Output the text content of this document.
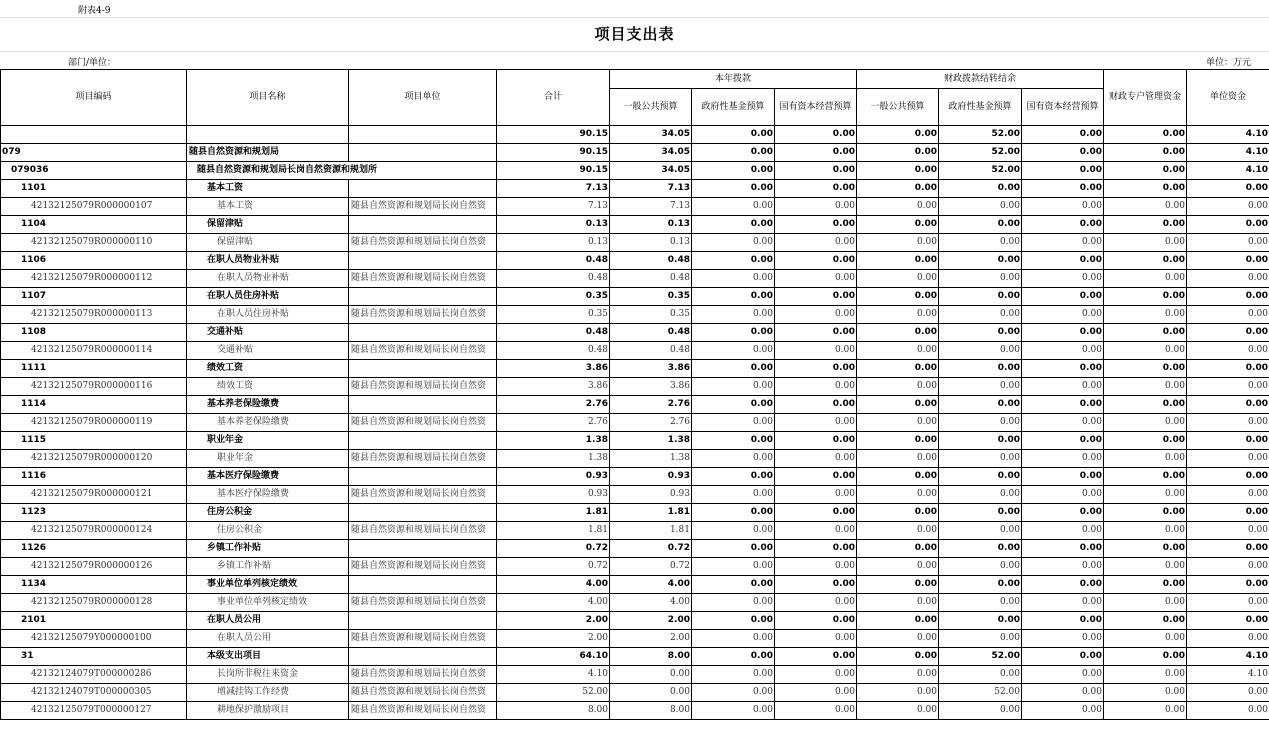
附表4-9
项目支出表
部门/单位：	单位：万元
项目编码	项目名称	项目单位	合计	本年拨款			财政拨款结转结余			财政专户管理资金	单位资金
				一般公共预算	政府性基金预算	国有资本经营预算	一般公共预算	政府性基金预算	国有资本经营预算		
			90.15	34.05	0.00	0.00	0.00	52.00	0.00	0.00	4.10
079	随县自然资源和规划局		90.15	34.05	0.00	0.00	0.00	52.00	0.00	0.00	4.10
079036	随县自然资源和规划局长岗自然资源和规划所		90.15	34.05	0.00	0.00	0.00	52.00	0.00	0.00	4.10
1101	基本工资		7.13	7.13	0.00	0.00	0.00	0.00	0.00	0.00	0.00
42132125079R000000107	基本工资	随县自然资源和规划局长岗自然资	7.13	7.13	0.00	0.00	0.00	0.00	0.00	0.00	0.00
1104	保留津贴		0.13	0.13	0.00	0.00	0.00	0.00	0.00	0.00	0.00
42132125079R000000110	保留津贴	随县自然资源和规划局长岗自然资	0.13	0.13	0.00	0.00	0.00	0.00	0.00	0.00	0.00
1106	在职人员物业补贴		0.48	0.48	0.00	0.00	0.00	0.00	0.00	0.00	0.00
42132125079R000000112	在职人员物业补贴	随县自然资源和规划局长岗自然资	0.48	0.48	0.00	0.00	0.00	0.00	0.00	0.00	0.00
1107	在职人员住房补贴		0.35	0.35	0.00	0.00	0.00	0.00	0.00	0.00	0.00
42132125079R000000113	在职人员住房补贴	随县自然资源和规划局长岗自然资	0.35	0.35	0.00	0.00	0.00	0.00	0.00	0.00	0.00
1108	交通补贴		0.48	0.48	0.00	0.00	0.00	0.00	0.00	0.00	0.00
42132125079R000000114	交通补贴	随县自然资源和规划局长岗自然资	0.48	0.48	0.00	0.00	0.00	0.00	0.00	0.00	0.00
1111	绩效工资		3.86	3.86	0.00	0.00	0.00	0.00	0.00	0.00	0.00
42132125079R000000116	绩效工资	随县自然资源和规划局长岗自然资	3.86	3.86	0.00	0.00	0.00	0.00	0.00	0.00	0.00
1114	基本养老保险缴费		2.76	2.76	0.00	0.00	0.00	0.00	0.00	0.00	0.00
42132125079R000000119	基本养老保险缴费	随县自然资源和规划局长岗自然资	2.76	2.76	0.00	0.00	0.00	0.00	0.00	0.00	0.00
1115	职业年金		1.38	1.38	0.00	0.00	0.00	0.00	0.00	0.00	0.00
42132125079R000000120	职业年金	随县自然资源和规划局长岗自然资	1.38	1.38	0.00	0.00	0.00	0.00	0.00	0.00	0.00
1116	基本医疗保险缴费		0.93	0.93	0.00	0.00	0.00	0.00	0.00	0.00	0.00
42132125079R000000121	基本医疗保险缴费	随县自然资源和规划局长岗自然资	0.93	0.93	0.00	0.00	0.00	0.00	0.00	0.00	0.00
1123	住房公积金		1.81	1.81	0.00	0.00	0.00	0.00	0.00	0.00	0.00
42132125079R000000124	住房公积金	随县自然资源和规划局长岗自然资	1.81	1.81	0.00	0.00	0.00	0.00	0.00	0.00	0.00
1126	乡镇工作补贴		0.72	0.72	0.00	0.00	0.00	0.00	0.00	0.00	0.00
42132125079R000000126	乡镇工作补贴	随县自然资源和规划局长岗自然资	0.72	0.72	0.00	0.00	0.00	0.00	0.00	0.00	0.00
1134	事业单位单列核定绩效		4.00	4.00	0.00	0.00	0.00	0.00	0.00	0.00	0.00
42132125079R000000128	事业单位单列核定绩效	随县自然资源和规划局长岗自然资	4.00	4.00	0.00	0.00	0.00	0.00	0.00	0.00	0.00
2101	在职人员公用		2.00	2.00	0.00	0.00	0.00	0.00	0.00	0.00	0.00
42132125079Y000000100	在职人员公用	随县自然资源和规划局长岗自然资	2.00	2.00	0.00	0.00	0.00	0.00	0.00	0.00	0.00
31	本级支出项目		64.10	8.00	0.00	0.00	0.00	52.00	0.00	0.00	4.10
42132124079T000000286	长岗所非税往来资金	随县自然资源和规划局长岗自然资	4.10	0.00	0.00	0.00	0.00	0.00	0.00	0.00	4.10
42132124079T000000305	增减挂钩工作经费	随县自然资源和规划局长岗自然资	52.00	0.00	0.00	0.00	0.00	52.00	0.00	0.00	0.00
42132125079T000000127	耕地保护激励项目	随县自然资源和规划局长岗自然资	8.00	8.00	0.00	0.00	0.00	0.00	0.00	0.00	0.00
